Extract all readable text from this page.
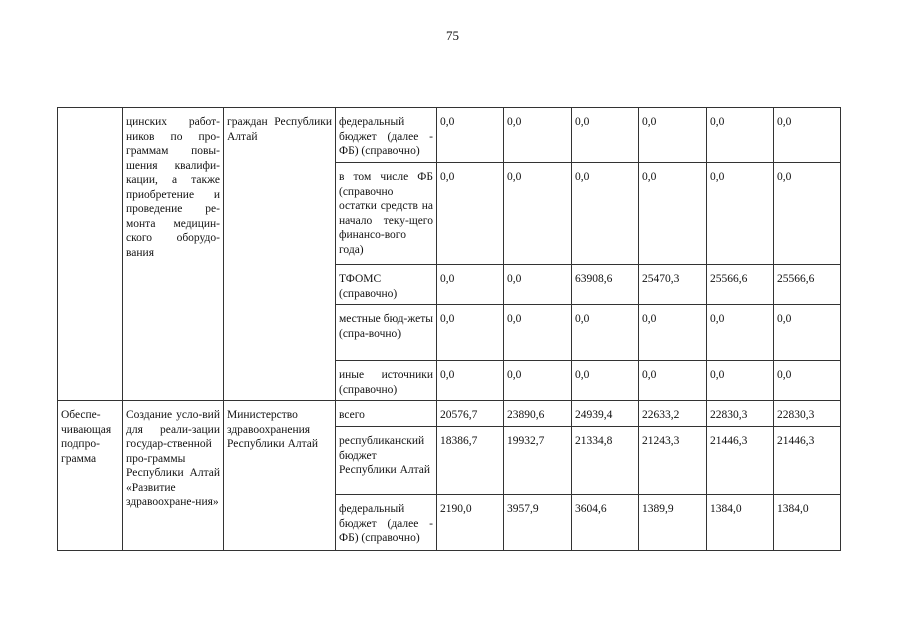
75
	цинских работ-ников по про-граммам повы-шения квалифи-кации, а также приобретение и проведение ре-монта медицин-ского оборудо-вания	граждан Республики Алтай	федеральный бюджет (далее - ФБ) (справочно)	0,0	0,0	0,0	0,0	0,0	0,0
			в том числе ФБ (справочно остатки средств на начало теку-щего финансо-вого года)	0,0	0,0	0,0	0,0	0,0	0,0
			ТФОМС (справочно)	0,0	0,0	63908,6	25470,3	25566,6	25566,6
			местные бюд-жеты (спра-вочно)	0,0	0,0	0,0	0,0	0,0	0,0
			иные источники (справочно)	0,0	0,0	0,0	0,0	0,0	0,0
Обеспе-чивающая подпро-грамма	Создание усло-вий для реали-зации государ-ственной про-граммы Республики Алтай «Развитие здравоохране-ния»	Министерство здравоохранения Республики Алтай	всего	20576,7	23890,6	24939,4	22633,2	22830,3	22830,3
			республиканский бюджет Республики Алтай	18386,7	19932,7	21334,8	21243,3	21446,3	21446,3
			федеральный бюджет (далее - ФБ) (справочно)	2190,0	3957,9	3604,6	1389,9	1384,0	1384,0
